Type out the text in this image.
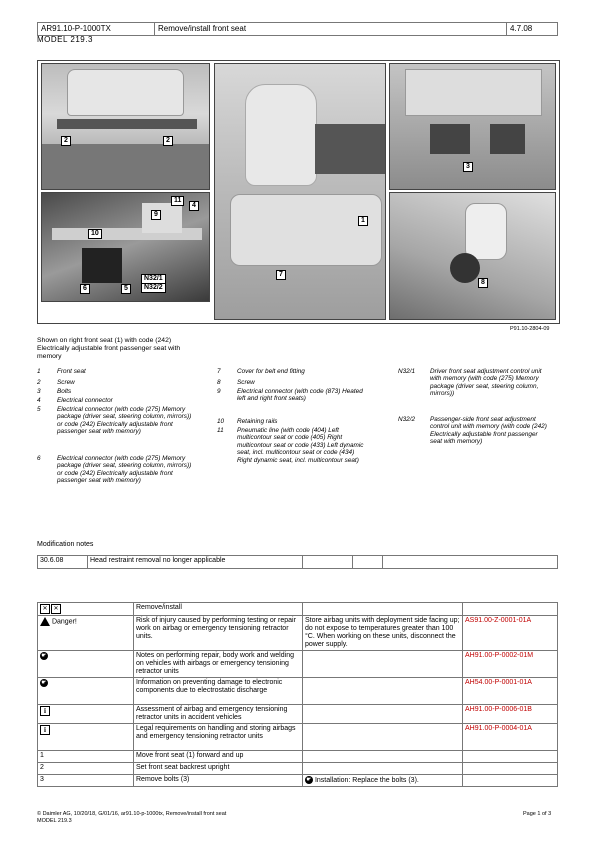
AR91.10-P-1000TX	Remove/install front seat	4.7.08
MODEL 219.3
2	2
10
11
4
9
6	5
N32/1
N32/2
1
7
3
8
P91.10-2804-09
Shown on right front seat (1) with code (242) Electrically adjustable front passenger seat with memory
1	Front seat
2	Screw
3	Bolts
4	Electrical connector
5	Electrical connector (with code (275) Memory package (driver seat, steering column, mirrors)) or code (242) Electrically adjustable front passenger seat with memory)
6	Electrical connector (with code (275) Memory package (driver seat, steering column, mirrors)) or code (242) Electrically adjustable front passenger seat with memory)
7	Cover for belt end fitting
8	Screw
9	Electrical connector (with code (873) Heated left and right front seats)
10 Retaining rails
11 Pneumatic line (with code (404) Left multicontour seat or code (405) Right multicontour seat or code (433) Left dynamic seat, incl. multicontour seat or code (434) Right dynamic seat, incl. multicontour seat)
N32/1 Driver front seat adjustment control unit with memory (with code (275) Memory package (driver seat, steering column, mirrors))
N32/2 Passenger-side front seat adjustment control unit with memory (with code (242) Electrically adjustable front passenger seat with memory)
Modification notes
30.6.08	Head restraint removal no longer applicable			
✕ ✕	Remove/install		
Danger!	Risk of injury caused by performing testing or repair work on airbag or emergency tensioning retractor units.	Store airbag units with deployment side facing up; do not expose to temperatures greater than 100 °C. When working on these units, disconnect the power supply.	AS91.00-Z-0001-01A
☛	Notes on performing repair, body work and welding on vehicles with airbags or emergency tensioning retractor units		AH91.00-P-0002-01M
☛	Information on preventing damage to electronic components due to electrostatic discharge		AH54.00-P-0001-01A
i	Assessment of airbag and emergency tensioning retractor units in accident vehicles		AH91.00-P-0006-01B
i	Legal requirements on handling and storing airbags and emergency tensioning retractor units		AH91.00-P-0004-01A
1	Move front seat (1) forward and up		
2	Set front seat backrest upright		
3	Remove bolts (3)	☛ Installation: Replace the bolts (3).	
© Daimler AG, 10/20/18, G/01/16, ar91.10-p-1000tx, Remove/install front seat
MODEL 219.3
Page 1 of 3
